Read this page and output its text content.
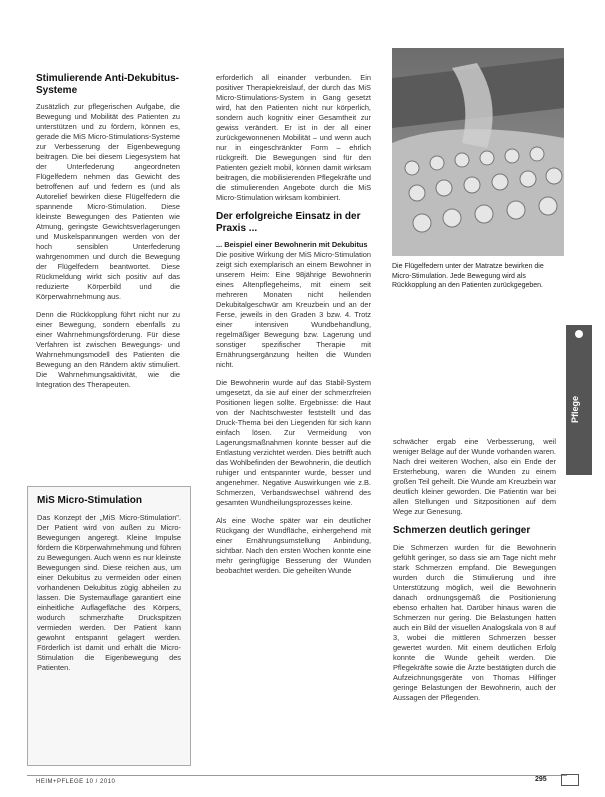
Stimulierende Anti-Dekubitus-Systeme

Zusätzlich zur pflegerischen Aufgabe, die Bewegung und Mobilität des Patienten zu unterstützen und zu fördern, können es, gerade die MiS Micro-Stimulations-Systeme zur Verbesserung der Eigenbewegung beitragen. Die bei diesem Liegesystem hat der Unterfederung angeordneten Flügelfedern nehmen das Gewicht des betroffenen auf und federn es (und als Autorelief bewirken diese Flügelfedern die spannende Micro-Stimulation. Diese kleinste Bewegungen des Patienten wie Atmung, geringste Gewichtsverlagerungen und Muskelspannungen werden von der hoch sensiblen Unterfederung wahrgenommen und durch die Bewegung der Flügelfedern beantwortet. Diese Rückmeldung wirkt sich positiv auf das reduzierte Körperbild und die Körperwahrnehmung aus.

Denn die Rückkopplung führt nicht nur zu einer Bewegung, sondern ebenfalls zu einer Wahrnehmungsförderung. Für diese Verfahren ist zwischen Bewegungs- und Wahrnehmungsmodell des Patienten die Bewegung an den Rändern aktiv stimuliert. Die Wahrnehmungsaktivität, wie die Integration des Therapeuten.

MiS Micro-Stimulation
Das Konzept der „MiS Micro-Stimulation". Der Patient wird von außen zu Micro-Bewegungen angeregt. Kleine Impulse fördern die Körperwahrnehmung und führen zu Bewegungen. Auch wenn es nur kleinste Bewegungen sind. Diese reichen aus, um einer Dekubitus zu vermeiden oder einen vorhandenen Dekubitus zügig abheilen zu lassen. Die Systemauflage garantiert eine einheitliche Auflagefläche des Körpers, wodurch schmerzhafte Druckspitzen vermieden werden. Der Patient kann gewohnt entspannt gelagert werden. Förderlich ist damit und erhält die Micro-Stimulation die Eigenbewegung des Patienten.

erforderlich all einander verbunden. Ein positiver Therapiekreislauf, der durch das MiS Micro-Stimulations-System in Gang gesetzt wird, hat den Patienten nicht nur körperlich, sondern auch kognitiv einer Gesamtheit zur gewiss verändert. Er ist in der all einer zurückgewonnenen Mobilität – und wenn auch nur in eingeschränkter Form – ehrlich rückgreift. Die Bewegungen sind für den Patienten gezielt mobil, können damit wirksam beitragen, die mobilisierenden Pflegekräfte und die stimulierenden Angebote durch die MiS Micro-Stimulation wirksam kombiniert.

Der erfolgreiche Einsatz in der Praxis ...
... Beispiel einer Bewohnerin mit Dekubitus

Die positive Wirkung der MiS Micro-Stimulation zeigt sich exemplarisch an einem Bewohner in unserem Heim: Eine 98jährige Bewohnerin eines Altenpflegeheims, mit einem seit mehreren Monaten nicht heilenden Dekubitalgeschwür am Kreuzbein und an der Ferse, jeweils in den Graden 3 bzw. 4. Trotz einer intensiven Wundbehandlung, regelmäßiger Bewegung bzw. Lagerung und sonstiger spezifischer Therapie mit Ernährungsergänzung heilten die Wunden nicht.

Die Bewohnerin wurde auf das Stabil-System umgesetzt, da sie auf einer der schmerzfreien Positionen liegen sollte. Ergebnisse: die Haut von der Nachtschwester feststellt und das Druck-Thema bei den Liegenden für sich kann einfach lösen. Zur Vermeidung von Lagerungsmaßnahmen konnte besser auf die Entlastung verzichtet werden. Dies betrifft auch das Wohlbefinden der Bewohnerin, die deutlich ruhiger und entspannter wurde, besser und angenehmer. Negative Auswirkungen wie z.B. Schmerzen, Verbandswechsel während des gesamten Wundheilungsprozesses keine.

Als eine Woche später war ein deutlicher Rückgang der Wundfläche, einhergehend mit einer Ernährungsumstellung Anbindung, sichtbar. Nach den ersten Wochen konnte eine mehr geringfügige Besserung der Wunden beobachtet werden. Die geheilten Wunde

Die Flügelfedern unter der Matratze bewirken die Micro-Stimulation. Jede Bewegung wird als Rückkopplung an den Patienten zurückgegeben.

schwächer ergab eine Verbesserung, weil weniger Beläge auf der Wunde vorhanden waren. Nach drei weiteren Wochen, also ein Ende der Ersterhebung, waren die Wunden zu einem großen Teil geheilt. Die Wunde am Kreuzbein war deutlich kleiner geworden. Die Patientin war bei allen Stellungen und Sitzpositionen auf dem Wege zur Genesung.

Schmerzen deutlich geringer

Die Schmerzen wurden für die Bewohnerin gefühlt geringer, so dass sie am Tage nicht mehr stark Schmerzen empfand. Die Bewegungen wurden durch die Stimulierung und ihre Unterstützung möglich, weil die Bewohnerin danach ordnungsgemäß die Positionierung ebenso erhalten hat. Darüber hinaus waren die Schmerzen nur gering. Die Belastungen hatten auch ein Bild der visuellen Analogskala von 8 auf 3, wobei die mittleren Schmerzen besser gewertet wurden. Mit einem deutlichen Erfolg konnte die Wunde geheilt werden. Die Pflegekräfte sowie die Ärzte bestätigten durch die Aufzeichnungsgeräte von Thomas Hilfinger geringe Belastungen der Bewohnerin, auch der Aussagen der Pflegenden.

Pflege
HEIM+PFLEGE 10 / 2010	295
